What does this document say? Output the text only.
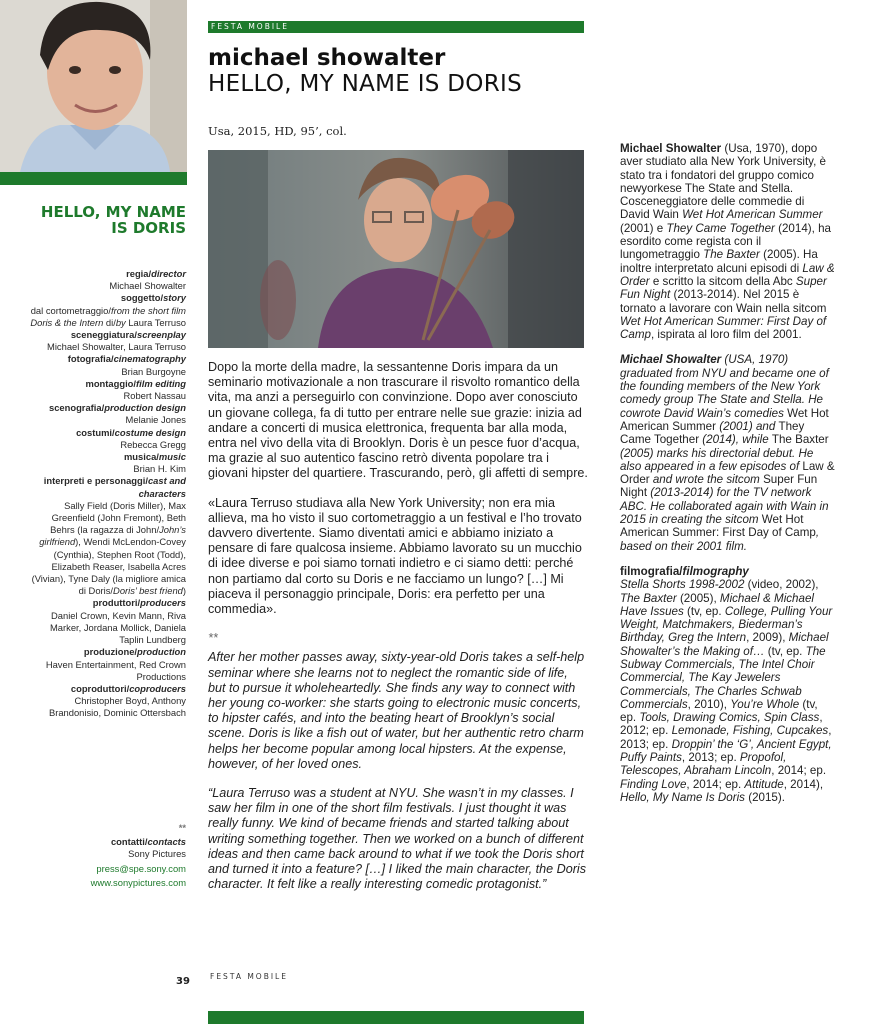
HELLO, MY NAME IS DORIS
regia/director
Michael Showalter
soggetto/story
dal cortometraggio/from the short film Doris & the Intern di/by Laura Terruso
sceneggiatura/screenplay
Michael Showalter, Laura Terruso
fotografia/cinematography
Brian Burgoyne
montaggio/film editing
Robert Nassau
scenografia/production design
Melanie Jones
costumi/costume design
Rebecca Gregg
musica/music
Brian H. Kim
interpreti e personaggi/cast and characters
Sally Field (Doris Miller), Max Greenfield (John Fremont), Beth Behrs (la ragazza di John/John’s girlfriend), Wendi McLendon-Covey (Cynthia), Stephen Root (Todd), Elizabeth Reaser, Isabella Acres (Vivian), Tyne Daly (la migliore amica di Doris/Doris’ best friend)
produttori/producers
Daniel Crown, Kevin Mann, Riva Marker, Jordana Mollick, Daniela Taplin Lundberg
produzione/production
Haven Entertainment, Red Crown Productions
coproduttori/coproducers
Christopher Boyd, Anthony Brandonisio, Dominic Ottersbach
**
contatti/contacts
Sony Pictures
press@spe.sony.com
www.sonypictures.com
FESTA MOBILE
michael showalter
HELLO, MY NAME IS DORIS
Usa, 2015, HD, 95’, col.

Dopo la morte della madre, la sessantenne Doris impara da un seminario motivazionale a non trascurare il risvolto romantico della vita, ma anzi a perseguirlo con convinzione. Dopo aver conosciuto un giovane collega, fa di tutto per entrare nelle sue grazie: inizia ad andare a concerti di musica elettronica, frequenta bar alla moda, entra nel vivo della vita di Brooklyn. Doris è un pesce fuor d’acqua, ma grazie al suo autentico fascino retrò diventa popolare tra i giovani hipster del quartiere. Trascurando, però, gli affetti di sempre.

«Laura Terruso studiava alla New York University; non era mia allieva, ma ho visto il suo cortometraggio a un festival e l’ho trovato davvero divertente. Siamo diventati amici e abbiamo iniziato a pensare di fare qualcosa insieme. Abbiamo lavorato su un mucchio di idee diverse e poi siamo tornati indietro e ci siamo detti: perché non partiamo dal corto su Doris e ne facciamo un lungo? […] Mi piaceva il personaggio principale, Doris: era perfetto per una commedia».

**

After her mother passes away, sixty-year-old Doris takes a self-help seminar where she learns not to neglect the romantic side of life, but to pursue it wholeheartedly. She finds any way to connect with her young co-worker: she starts going to electronic music concerts, to hipster cafés, and into the beating heart of Brooklyn’s social scene. Doris is like a fish out of water, but her authentic retro charm helps her become popular among local hipsters. At the expense, however, of her loved ones.

“Laura Terruso was a student at NYU. She wasn’t in my classes. I saw her film in one of the short film festivals. I just thought it was really funny. We kind of became friends and started talking about writing something together. Then we worked on a bunch of different ideas and then came back around to what if we took the Doris short and turned it into a feature? […] I liked the main character, the Doris character. It felt like a really interesting comedic protagonist.”

Michael Showalter (Usa, 1970), dopo aver studiato alla New York University, è stato tra i fondatori del gruppo comico newyorkese The State and Stella. Cosceneggiatore delle commedie di David Wain Wet Hot American Summer (2001) e They Came Together (2014), ha esordito come regista con il lungometraggio The Baxter (2005). Ha inoltre interpretato alcuni episodi di Law & Order e scritto la sitcom della Abc Super Fun Night (2013-2014). Nel 2015 è tornato a lavorare con Wain nella sitcom Wet Hot American Summer: First Day of Camp, ispirata al loro film del 2001.

Michael Showalter (USA, 1970) graduated from NYU and became one of the founding members of the New York comedy group The State and Stella. He cowrote David Wain’s comedies Wet Hot American Summer (2001) and They Came Together (2014), while The Baxter (2005) marks his directorial debut. He also appeared in a few episodes of Law & Order and wrote the sitcom Super Fun Night (2013-2014) for the TV network ABC. He collaborated again with Wain in 2015 in creating the sitcom Wet Hot American Summer: First Day of Camp, based on their 2001 film.

filmografia/filmography

Stella Shorts 1998-2002 (video, 2002), The Baxter (2005), Michael & Michael Have Issues (tv, ep. College, Pulling Your Weight, Matchmakers, Biederman’s Birthday, Greg the Intern, 2009), Michael Showalter’s the Making of… (tv, ep. The Subway Commercials, The Intel Choir Commercial, The Kay Jewelers Commercials, The Charles Schwab Commercials, 2010), You’re Whole (tv, ep. Tools, Drawing Comics, Spin Class, 2012; ep. Lemonade, Fishing, Cupcakes, 2013; ep. Droppin’ the ‘G’, Ancient Egypt, Puffy Paints, 2013; ep. Propofol, Telescopes, Abraham Lincoln, 2014; ep. Finding Love, 2014; ep. Attitude, 2014), Hello, My Name Is Doris (2015).

39	FESTA MOBILE
